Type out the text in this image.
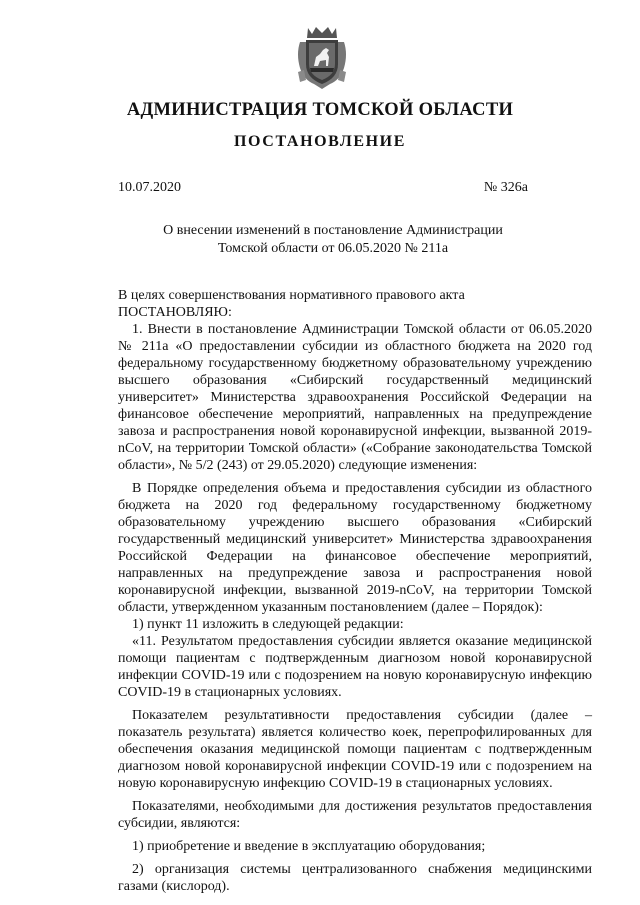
АДМИНИСТРАЦИЯ ТОМСКОЙ ОБЛАСТИ
ПОСТАНОВЛЕНИЕ
10.07.2020	№ 326а
О внесении изменений в постановление Администрации
Томской области от 06.05.2020 № 211а

В целях совершенствования нормативного правового акта

ПОСТАНОВЛЯЮ:

1. Внести в постановление Администрации Томской области от 06.05.2020 № 211а «О предоставлении субсидии из областного бюджета на 2020 год федеральному государственному бюджетному образовательному учреждению высшего образования «Сибирский государственный медицинский университет» Министерства здравоохранения Российской Федерации на финансовое обеспечение мероприятий, направленных на предупреждение завоза и распространения новой коронавирусной инфекции, вызванной 2019-nCoV, на территории Томской области» («Собрание законодательства Томской области», № 5/2 (243) от 29.05.2020) следующие изменения:

В Порядке определения объема и предоставления субсидии из областного бюджета на 2020 год федеральному государственному бюджетному образовательному учреждению высшего образования «Сибирский государственный медицинский университет» Министерства здравоохранения Российской Федерации на финансовое обеспечение мероприятий, направленных на предупреждение завоза и распространения новой коронавирусной инфекции, вызванной 2019-nCoV, на территории Томской области, утвержденном указанным постановлением (далее – Порядок):

1) пункт 11 изложить в следующей редакции:

«11. Результатом предоставления субсидии является оказание медицинской помощи пациентам с подтвержденным диагнозом новой коронавирусной инфекции COVID-19 или с подозрением на новую коронавирусную инфекцию COVID-19 в стационарных условиях.

Показателем результативности предоставления субсидии (далее – показатель результата) является количество коек, перепрофилированных для обеспечения оказания медицинской помощи пациентам с подтвержденным диагнозом новой коронавирусной инфекции COVID-19 или с подозрением на новую коронавирусную инфекцию COVID-19 в стационарных условиях.

Показателями, необходимыми для достижения результатов предоставления субсидии, являются:

1) приобретение и введение в эксплуатацию оборудования;

2) организация системы централизованного снабжения медицинскими газами (кислород).
